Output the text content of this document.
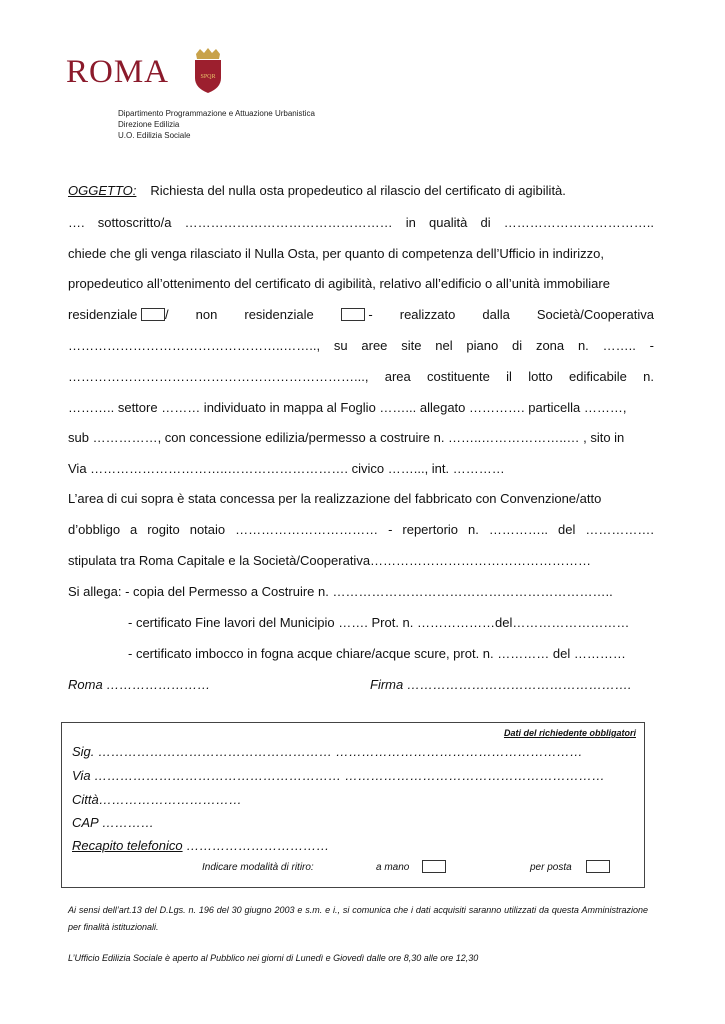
ROMA	SPQR
Dipartimento Programmazione e Attuazione Urbanistica
Direzione Edilizia
U.O. Edilizia Sociale
OGGETTO: Richiesta del nulla osta propedeutico al rilascio del certificato di agibilità.
…. sottoscritto/a ………………………………………… in qualità di ……………………………..
chiede che gli venga rilasciato il Nulla Osta, per quanto di competenza dell’Ufficio in indirizzo,
propedeutico all’ottenimento del certificato di agibilità, relativo all’edificio o all’unità immobiliare
residenziale / non residenziale	- realizzato dalla Società/Cooperativa
…………………………………………..…….., su aree site nel piano di zona n. …….. -
…………………………………………………………..., area costituente il lotto edificabile n.
……….. settore ……… individuato in mappa al Foglio ……... allegato …………. particella ………,
sub ……………, con concessione edilizia/permesso a costruire n. ……..………………..… , sito in
Via …………………………..………………………. civico ……..., int. …………
L’area di cui sopra è stata concessa per la realizzazione del fabbricato con Convenzione/atto
d’obbligo a rogito notaio …………………………… - repertorio n. ………….. del …………….
stipulata tra Roma Capitale e la Società/Cooperativa……………………………………………
Si allega: - copia del Permesso a Costruire n. ………………………………………………………..
- certificato Fine lavori del Municipio ……. Prot. n. ………………del………………………
- certificato imbocco in fogna acque chiare/acque scure, prot. n. ………… del …………
Roma ……………………	Firma …………………………………………….
Dati del richiedente obbligatori
Sig. ……………………………………………… …………………………………………………
Via ………………………………………………… ……………………………………………………
Città……………………………
CAP …………
Recapito telefonico ……………………………
Indicare modalità di ritiro:	a mano	per posta
Ai sensi dell’art.13 del D.Lgs. n. 196 del 30 giugno 2003 e s.m. e i., si comunica che i dati acquisiti saranno utilizzati da questa Amministrazione per finalità istituzionali.
L’Ufficio Edilizia Sociale è aperto al Pubblico nei giorni di Lunedì e Giovedì dalle ore 8,30 alle ore 12,30
